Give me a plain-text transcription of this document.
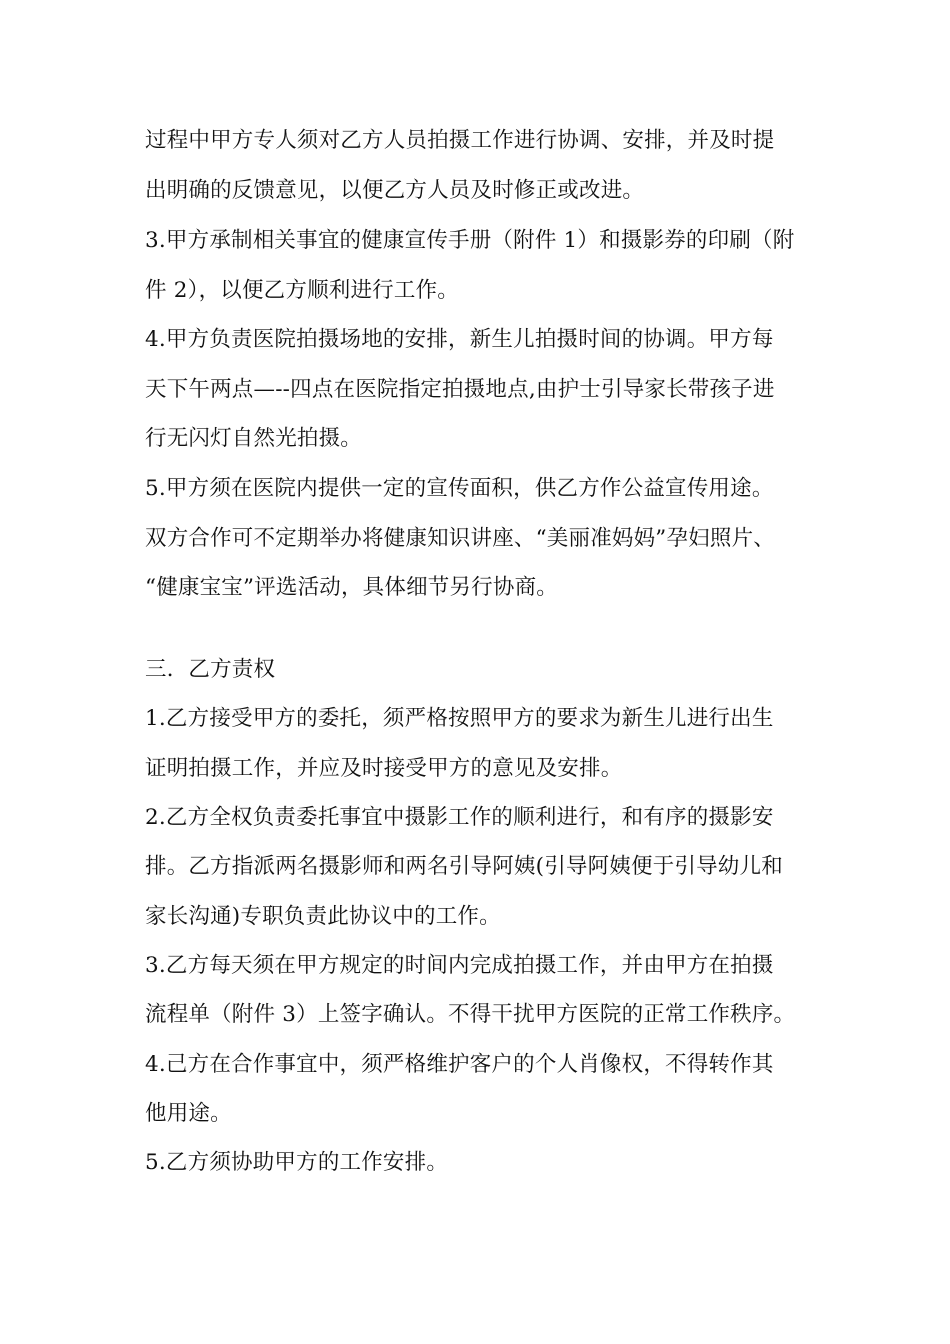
过程中甲方专人须对乙方人员拍摄工作进行协调、安排，并及时提
出明确的反馈意见，以便乙方人员及时修正或改进。
3.甲方承制相关事宜的健康宣传手册（附件 1）和摄影券的印刷（附
件 2），以便乙方顺利进行工作。
4.甲方负责医院拍摄场地的安排，新生儿拍摄时间的协调。甲方每
天下午两点—--四点在医院指定拍摄地点,由护士引导家长带孩子进
行无闪灯自然光拍摄。
5.甲方须在医院内提供一定的宣传面积，供乙方作公益宣传用途。
双方合作可不定期举办将健康知识讲座、“美丽准妈妈”孕妇照片、
“健康宝宝”评选活动，具体细节另行协商。
三．乙方责权
1.乙方接受甲方的委托，须严格按照甲方的要求为新生儿进行出生
证明拍摄工作，并应及时接受甲方的意见及安排。
2.乙方全权负责委托事宜中摄影工作的顺利进行，和有序的摄影安
排。乙方指派两名摄影师和两名引导阿姨(引导阿姨便于引导幼儿和
家长沟通)专职负责此协议中的工作。
3.乙方每天须在甲方规定的时间内完成拍摄工作，并由甲方在拍摄
流程单（附件 3）上签字确认。不得干扰甲方医院的正常工作秩序。
4.己方在合作事宜中，须严格维护客户的个人肖像权，不得转作其
他用途。
5.乙方须协助甲方的工作安排。
